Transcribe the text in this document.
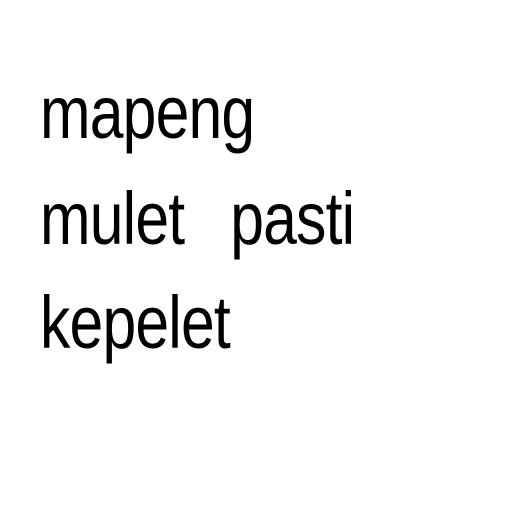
mapeng

mulet pasti

kepelet
